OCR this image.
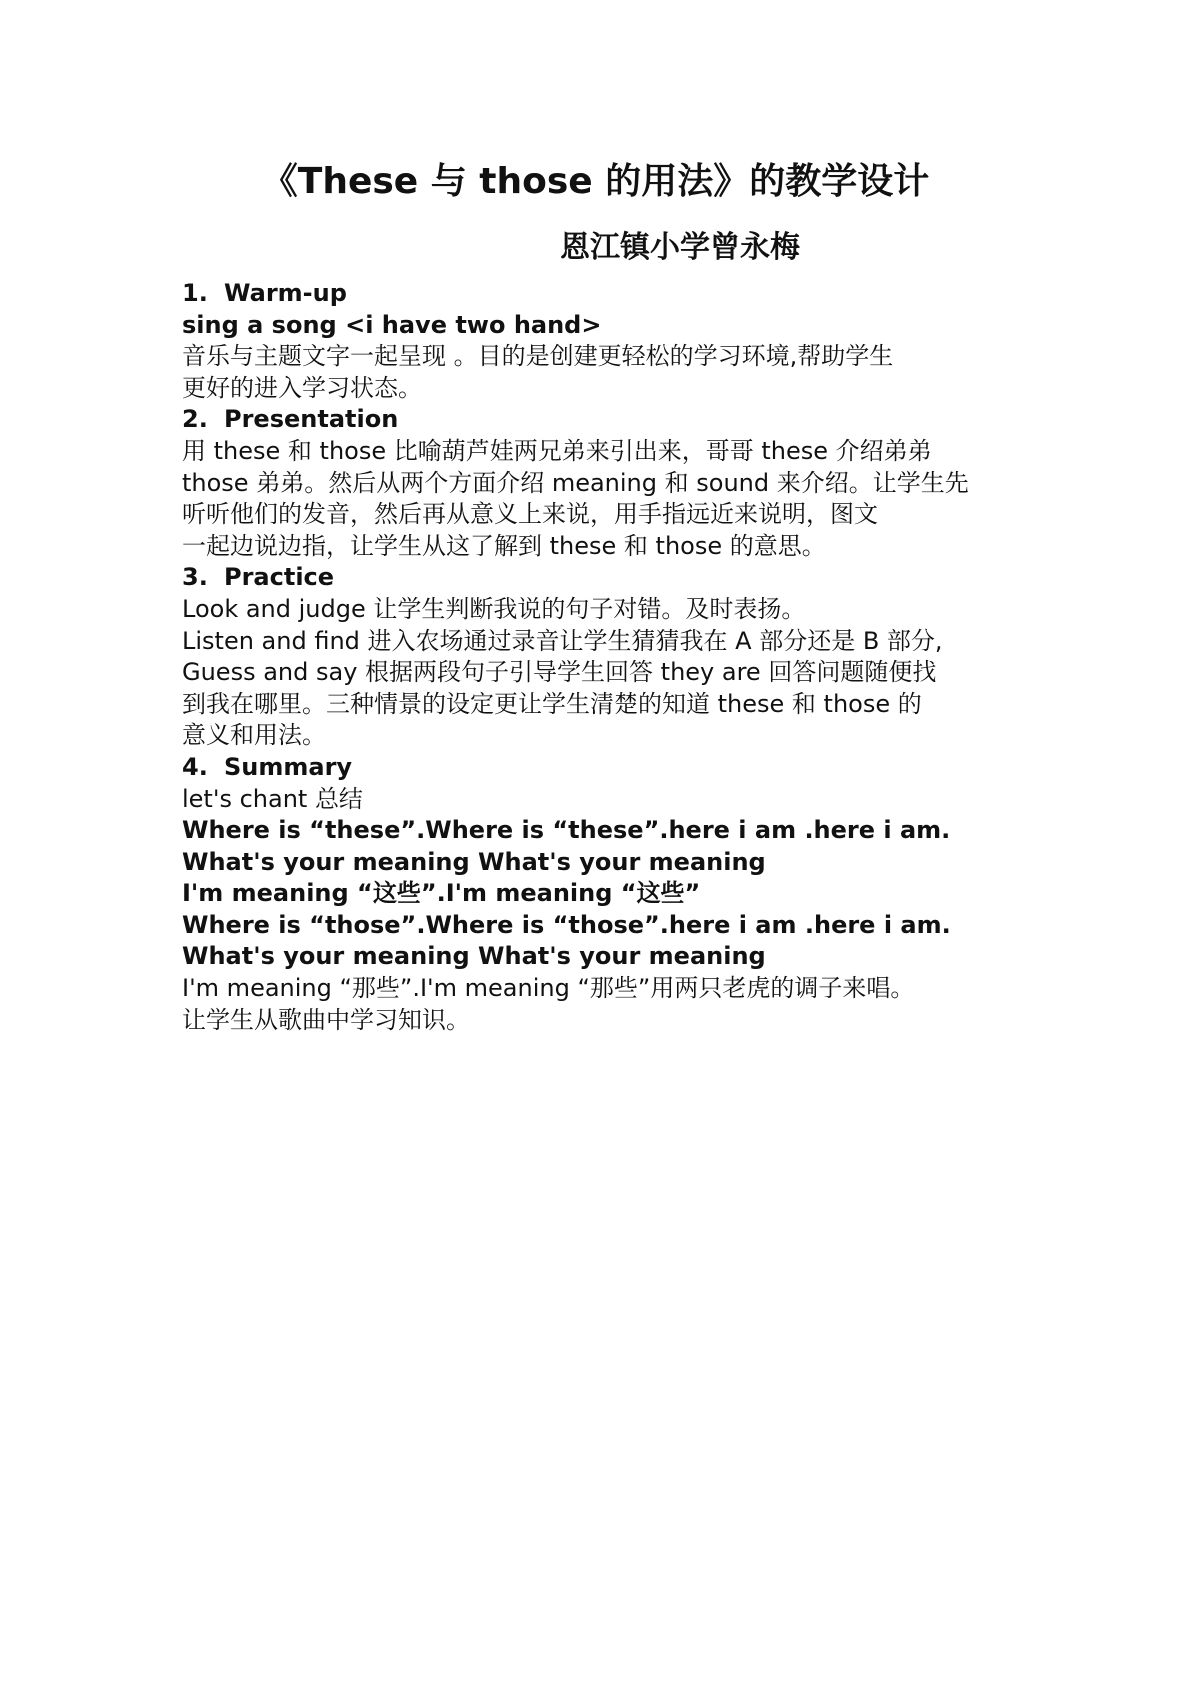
《These 与 those 的用法》的教学设计
恩江镇小学曾永梅
1. Warm-up
sing a song <i have two hand>
音乐与主题文字一起呈现 。目的是创建更轻松的学习环境,帮助学生
更好的进入学习状态。
2. Presentation
用 these 和 those 比喻葫芦娃两兄弟来引出来，哥哥 these 介绍弟弟
those 弟弟。然后从两个方面介绍 meaning 和 sound 来介绍。让学生先
听听他们的发音，然后再从意义上来说，用手指远近来说明，图文
一起边说边指，让学生从这了解到 these 和 those 的意思。
3. Practice
Look and judge 让学生判断我说的句子对错。及时表扬。
Listen and find 进入农场通过录音让学生猜猜我在 A 部分还是 B 部分,
Guess and say 根据两段句子引导学生回答 they are 回答问题随便找
到我在哪里。三种情景的设定更让学生清楚的知道 these 和 those 的
意义和用法。
4. Summary
let's chant 总结
Where is “these”.Where is “these”.here i am .here i am.
What's your meaning What's your meaning
I'm meaning “这些”.I'm meaning “这些”
Where is “those”.Where is “those”.here i am .here i am.
What's your meaning What's your meaning
I'm meaning “那些”.I'm meaning “那些”用两只老虎的调子来唱。
让学生从歌曲中学习知识。
